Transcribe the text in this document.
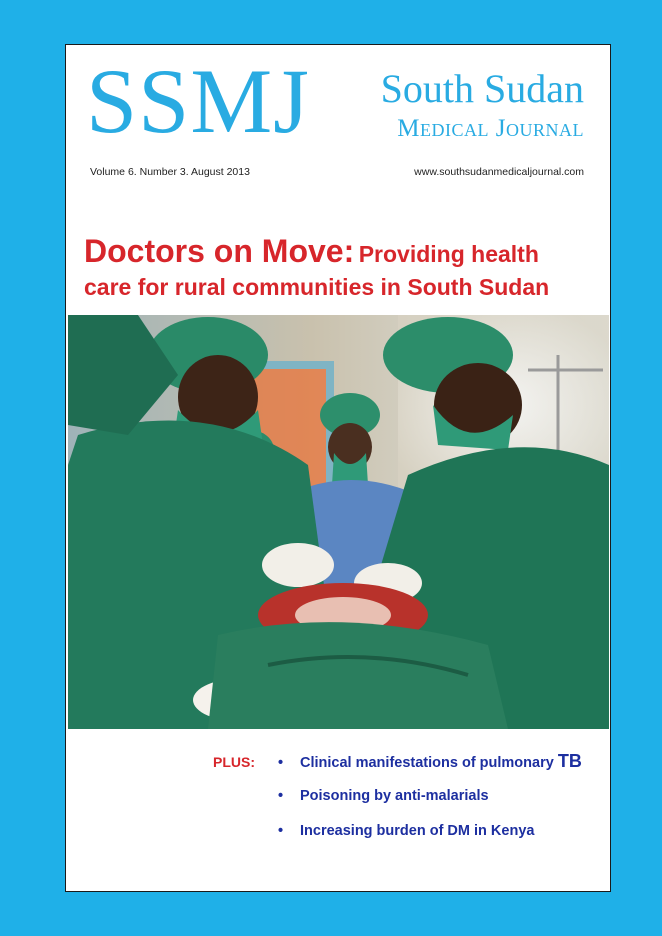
SSMJ South Sudan
Medical Journal
Volume 6. Number 3. August 2013	www.southsudanmedicaljournal.com
Doctors on Move: Providing health
care for rural communities in South Sudan
PLUS: • Clinical manifestations of pulmonary TB
• Poisoning by anti-malarials
• Increasing burden of DM in Kenya
